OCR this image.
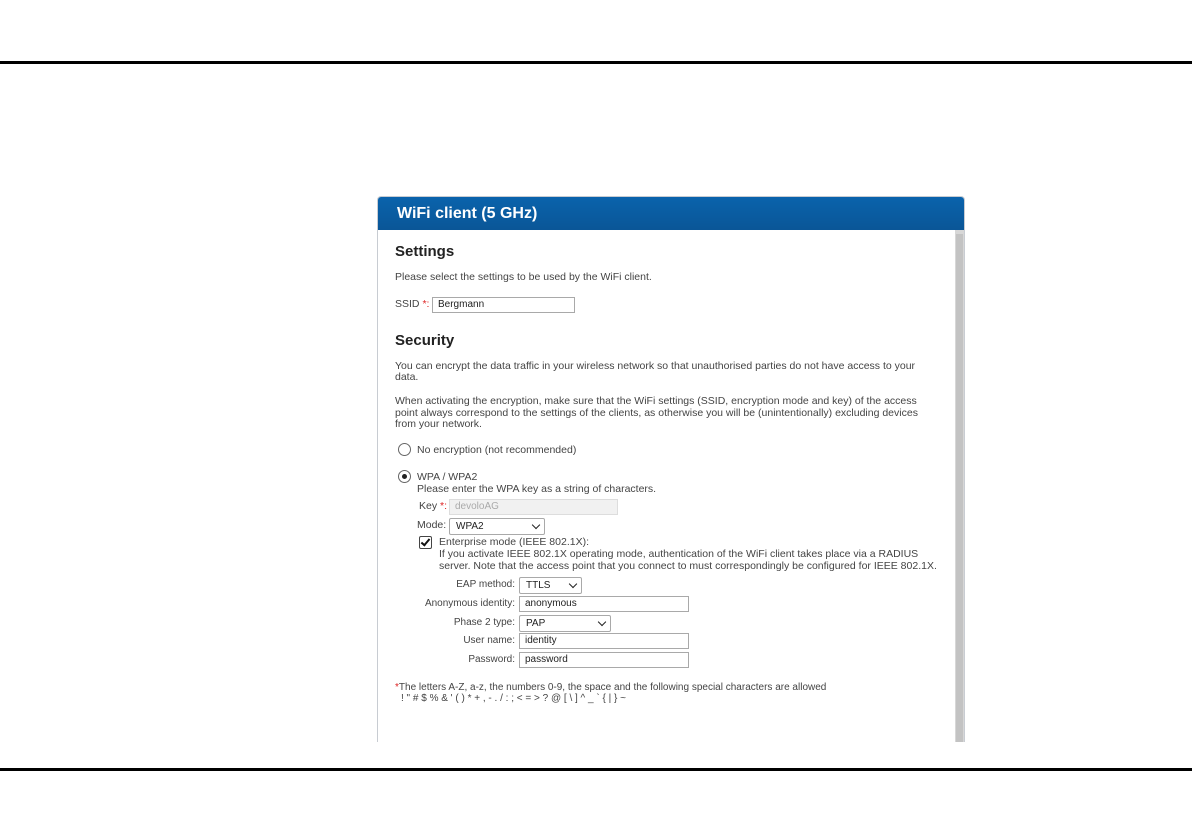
WiFi client (5 GHz)
Settings
Please select the settings to be used by the WiFi client.
SSID *: Bergmann
Security
You can encrypt the data traffic in your wireless network so that unauthorised parties do not have access to your
data.
When activating the encryption, make sure that the WiFi settings (SSID, encryption mode and key) of the access
point always correspond to the settings of the clients, as otherwise you will be (unintentionally) excluding devices
from your network.
No encryption (not recommended)
WPA / WPA2
Please enter the WPA key as a string of characters.
Key *: devoloAG
Mode: WPA2
Enterprise mode (IEEE 802.1X):
If you activate IEEE 802.1X operating mode, authentication of the WiFi client takes place via a RADIUS
server. Note that the access point that you connect to must correspondingly be configured for IEEE 802.1X.
EAP method:	TTLS
Anonymous identity:	anonymous
Phase 2 type:	PAP
User name:	identity
Password:	password
*The letters A-Z, a-z, the numbers 0-9, the space and the following special characters are allowed
! " # $ % & ' ( ) * + , - . / : ; < = > ? @ [ \ ] ^ _ ` { | } ~
